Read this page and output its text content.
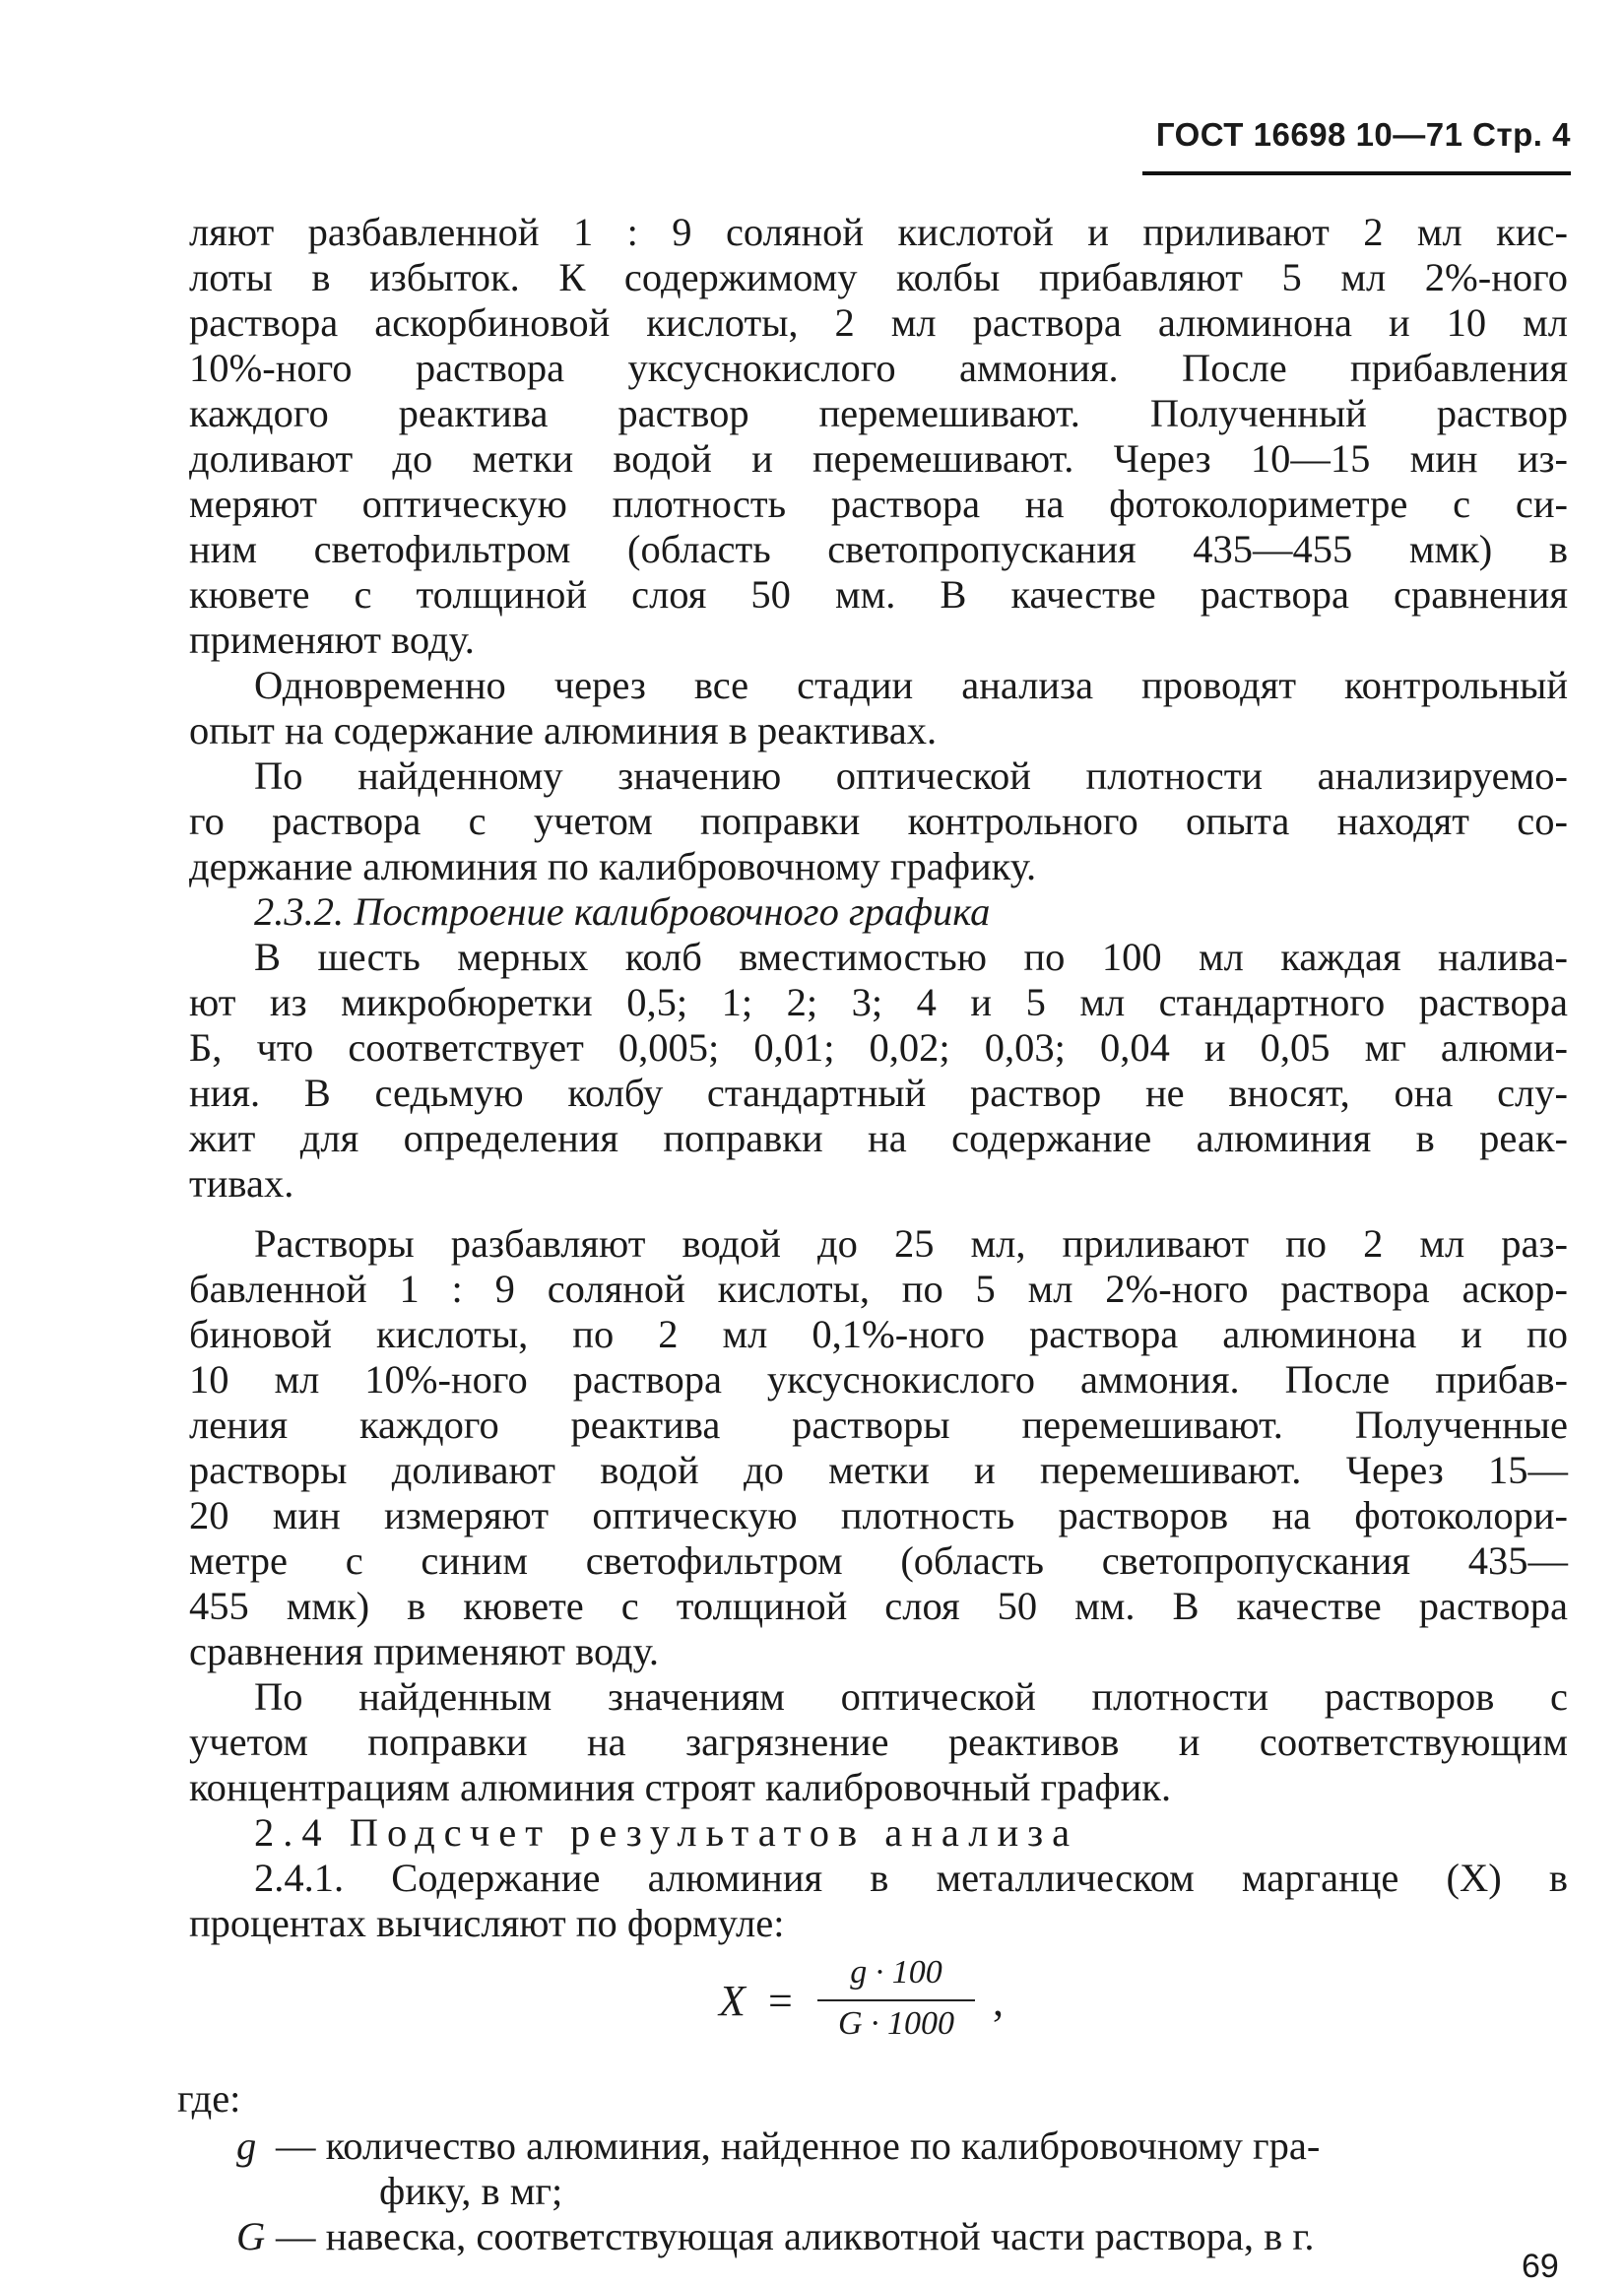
ГОСТ 16698 10—71 Стр. 4
ляют разбавленной 1 : 9 соляной кислотой и приливают 2 мл кис-
лоты в избыток. К содержимому колбы прибавляют 5 мл 2%-ного
раствора аскорбиновой кислоты, 2 мл раствора алюминона и 10 мл
10%-ного раствора уксуснокислого аммония. После прибавления
каждого реактива раствор перемешивают. Полученный раствор
доливают до метки водой и перемешивают. Через 10—15 мин из-
меряют оптическую плотность раствора на фотоколориметре с си-
ним светофильтром (область светопропускания 435—455 ммк) в
кювете с толщиной слоя 50 мм. В качестве раствора сравнения
применяют воду.
Одновременно через все стадии анализа проводят контрольный
опыт на содержание алюминия в реактивах.
По найденному значению оптической плотности анализируемо-
го раствора с учетом поправки контрольного опыта находят со-
держание алюминия по калибровочному графику.
2.3.2. Построение калибровочного графика
В шесть мерных колб вместимостью по 100 мл каждая налива-
ют из микробюретки 0,5; 1; 2; 3; 4 и 5 мл стандартного раствора
Б, что соответствует 0,005; 0,01; 0,02; 0,03; 0,04 и 0,05 мг алюми-
ния. В седьмую колбу стандартный раствор не вносят, она слу-
жит для определения поправки на содержание алюминия в реак-
тивах.
Растворы разбавляют водой до 25 мл, приливают по 2 мл раз-
бавленной 1 : 9 соляной кислоты, по 5 мл 2%-ного раствора аскор-
биновой кислоты, по 2 мл 0,1%-ного раствора алюминона и по
10 мл 10%-ного раствора уксуснокислого аммония. После прибав-
ления каждого реактива растворы перемешивают. Полученные
растворы доливают водой до метки и перемешивают. Через 15—
20 мин измеряют оптическую плотность растворов на фотоколори-
метре с синим светофильтром (область светопропускания 435—
455 ммк) в кювете с толщиной слоя 50 мм. В качестве раствора
сравнения применяют воду.
По найденным значениям оптической плотности растворов с
учетом поправки на загрязнение реактивов и соответствующим
концентрациям алюминия строят калибровочный график.
2.4 Подсчет результатов анализа
2.4.1. Содержание алюминия в металлическом марганце (X) в
процентах вычисляют по формуле:
X =
g · 100
G · 1000 ,
где:
g — количество алюминия, найденное по калибровочному гра-
фику, в мг;
G — навеска, соответствующая аликвотной части раствора, в г.
69
